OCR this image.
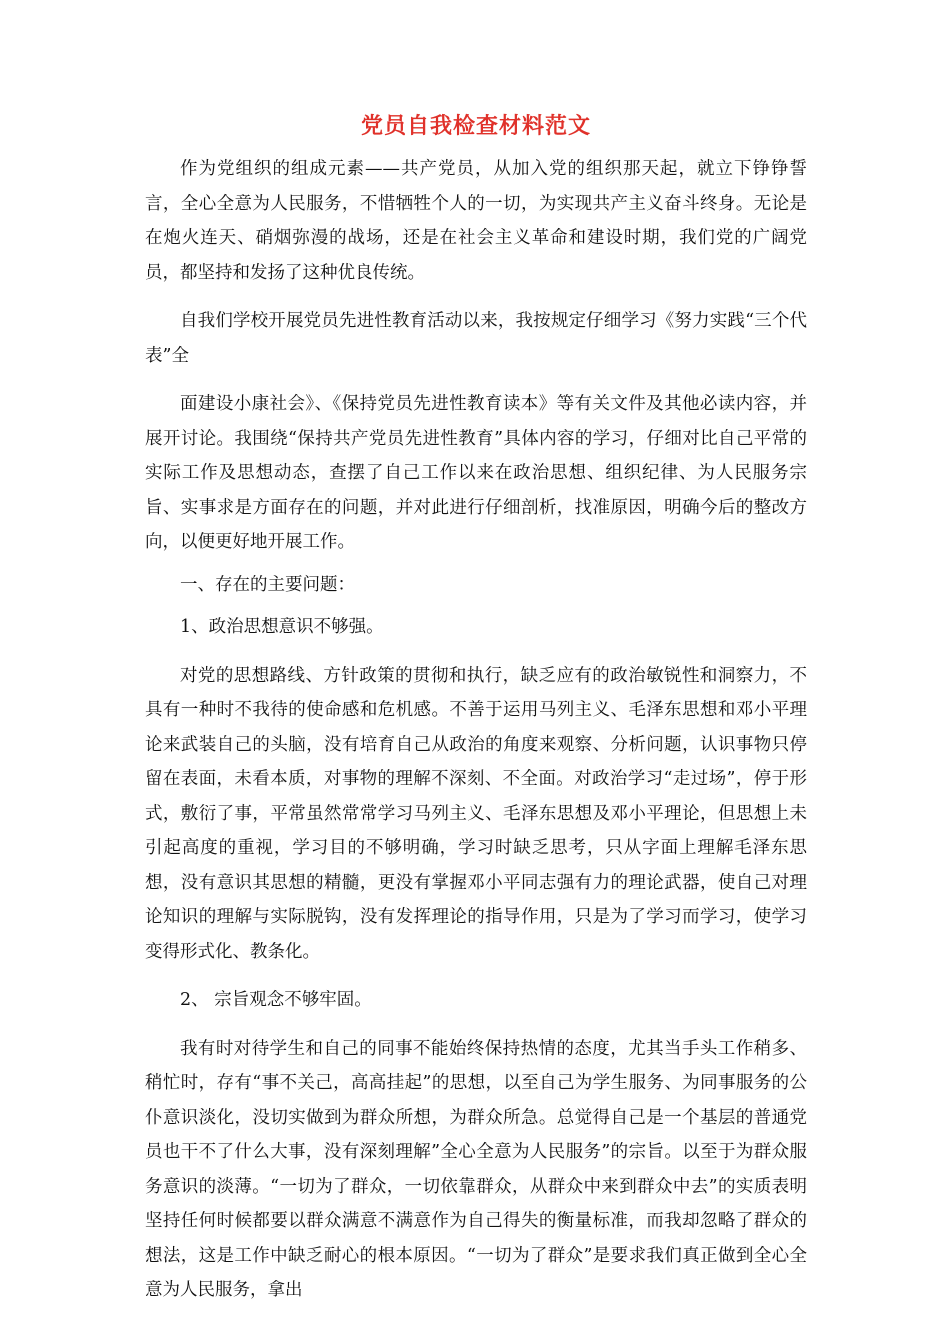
党员自我检查材料范文

作为党组织的组成元素——共产党员，从加入党的组织那天起，就立下铮铮誓言，全心全意为人民服务，不惜牺牲个人的一切，为实现共产主义奋斗终身。无论是在炮火连天、硝烟弥漫的战场，还是在社会主义革命和建设时期，我们党的广阔党员，都坚持和发扬了这种优良传统。

自我们学校开展党员先进性教育活动以来，我按规定仔细学习《努力实践“三个代表”全

面建设小康社会》、《保持党员先进性教育读本》等有关文件及其他必读内容，并展开讨论。我围绕“保持共产党员先进性教育”具体内容的学习，仔细对比自己平常的实际工作及思想动态，查摆了自己工作以来在政治思想、组织纪律、为人民服务宗旨、实事求是方面存在的问题，并对此进行仔细剖析，找准原因，明确今后的整改方向，以便更好地开展工作。

一、存在的主要问题：

1、政治思想意识不够强。

对党的思想路线、方针政策的贯彻和执行，缺乏应有的政治敏锐性和洞察力，不具有一种时不我待的使命感和危机感。不善于运用马列主义、毛泽东思想和邓小平理论来武装自己的头脑，没有培育自己从政治的角度来观察、分析问题，认识事物只停留在表面，未看本质，对事物的理解不深刻、不全面。对政治学习“走过场”，停于形式，敷衍了事，平常虽然常常学习马列主义、毛泽东思想及邓小平理论，但思想上未引起高度的重视，学习目的不够明确，学习时缺乏思考，只从字面上理解毛泽东思想，没有意识其思想的精髓，更没有掌握邓小平同志强有力的理论武器，使自己对理论知识的理解与实际脱钩，没有发挥理论的指导作用，只是为了学习而学习，使学习变得形式化、教条化。

2、 宗旨观念不够牢固。

我有时对待学生和自己的同事不能始终保持热情的态度，尤其当手头工作稍多、稍忙时，存有“事不关己，高高挂起”的思想，以至自己为学生服务、为同事服务的公仆意识淡化，没切实做到为群众所想，为群众所急。总觉得自己是一个基层的普通党员也干不了什么大事，没有深刻理解”全心全意为人民服务”的宗旨。以至于为群众服务意识的淡薄。“一切为了群众，一切依靠群众，从群众中来到群众中去”的实质表明坚持任何时候都要以群众满意不满意作为自己得失的衡量标准，而我却忽略了群众的想法，这是工作中缺乏耐心的根本原因。“一切为了群众”是要求我们真正做到全心全意为人民服务，拿出
